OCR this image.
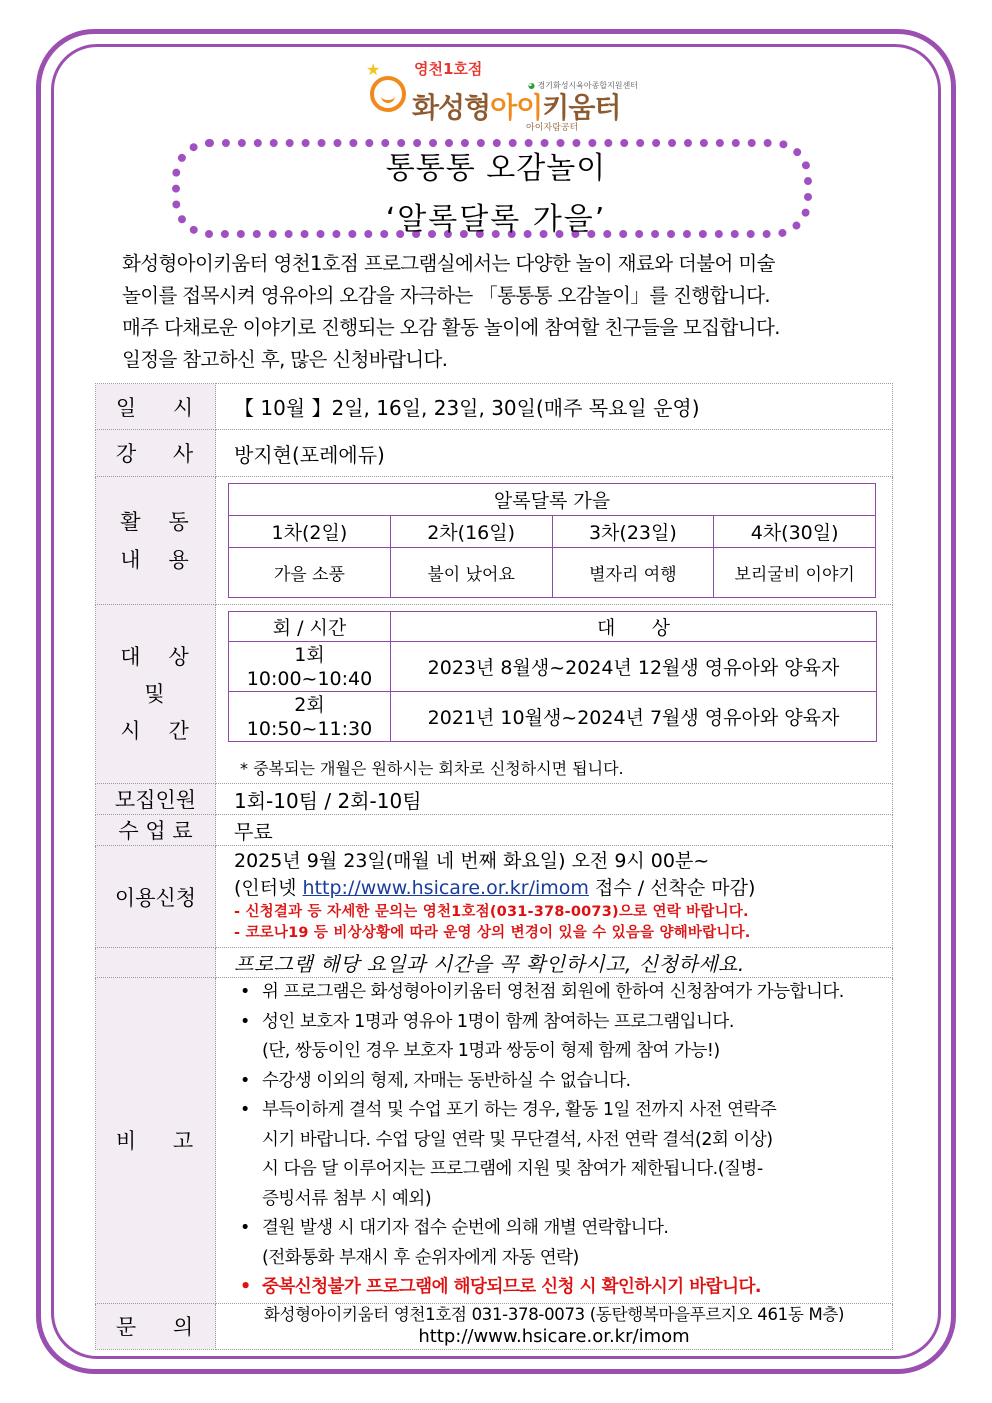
★ 영천1호점
◕ 경기화성시육아종합지원센터
화성형아이키움터
아이자람공터
통통통 오감놀이
‘알록달록 가을’
화성형아이키움터 영천1호점 프로그램실에서는 다양한 놀이 재료와 더불어 미술
놀이를 접목시켜 영유아의 오감을 자극하는 「통통통 오감놀이」를 진행합니다.
매주 다채로운 이야기로 진행되는 오감 활동 놀이에 참여할 친구들을 모집합니다.
일정을 참고하신 후, 많은 신청바랍니다.
일    시	【 10월 】2일, 16일, 23일, 30일(매주 목요일 운영)
강    사	방지현(포레에듀)

활   동
내   용

알록달록 가을
1차(2일)	2차(16일)	3차(23일)	4차(30일)
가을 소풍	불이 났어요	별자리 여행	보리굴비 이야기

대   상
및
시   간

회 / 시간	대      상

1회
10:00~10:40	2023년 8월생~2024년 12월생 영유아와 양육자

2회
10:50~11:30	2021년 10월생~2024년 7월생 영유아와 양육자
* 중복되는 개월은 원하시는 회차로 신청하시면 됩니다.

모집인원	1회-10팀 / 2회-10팀
수 업 료	무료
이용신청	
2025년 9월 23일(매월 네 번째 화요일) 오전 9시 00분~
(인터넷 http://www.hsicare.or.kr/imom 접수 / 선착순 마감)
- 신청결과 등 자세한 문의는 영천1호점(031-378-0073)으로 연락 바랍니다.
- 코로나19 등 비상상황에 따라 운영 상의 변경이 있을 수 있음을 양해바랍니다.

	프로그램 해당 요일과 시간을 꼭 확인하시고, 신청하세요.
비    고	
• 위 프로그램은 화성형아이키움터 영천점 회원에 한하여 신청참여가 가능합니다.
• 성인 보호자 1명과 영유아 1명이 함께 참여하는 프로그램입니다.
(단, 쌍둥이인 경우 보호자 1명과 쌍둥이 형제 함께 참여 가능!)
• 수강생 이외의 형제, 자매는 동반하실 수 없습니다.
• 부득이하게 결석 및 수업 포기 하는 경우, 활동 1일 전까지 사전 연락주
시기 바랍니다. 수업 당일 연락 및 무단결석, 사전 연락 결석(2회 이상)
시 다음 달 이루어지는 프로그램에 지원 및 참여가 제한됩니다.(질병-
증빙서류 첨부 시 예외)
• 결원 발생 시 대기자 접수 순번에 의해 개별 연락합니다.
(전화통화 부재시 후 순위자에게 자동 연락)
• 중복신청불가 프로그램에 해당되므로 신청 시 확인하시기 바랍니다.

문    의	
화성형아이키움터 영천1호점 031-378-0073 (동탄행복마을푸르지오 461동 M층)
http://www.hsicare.or.kr/imom
